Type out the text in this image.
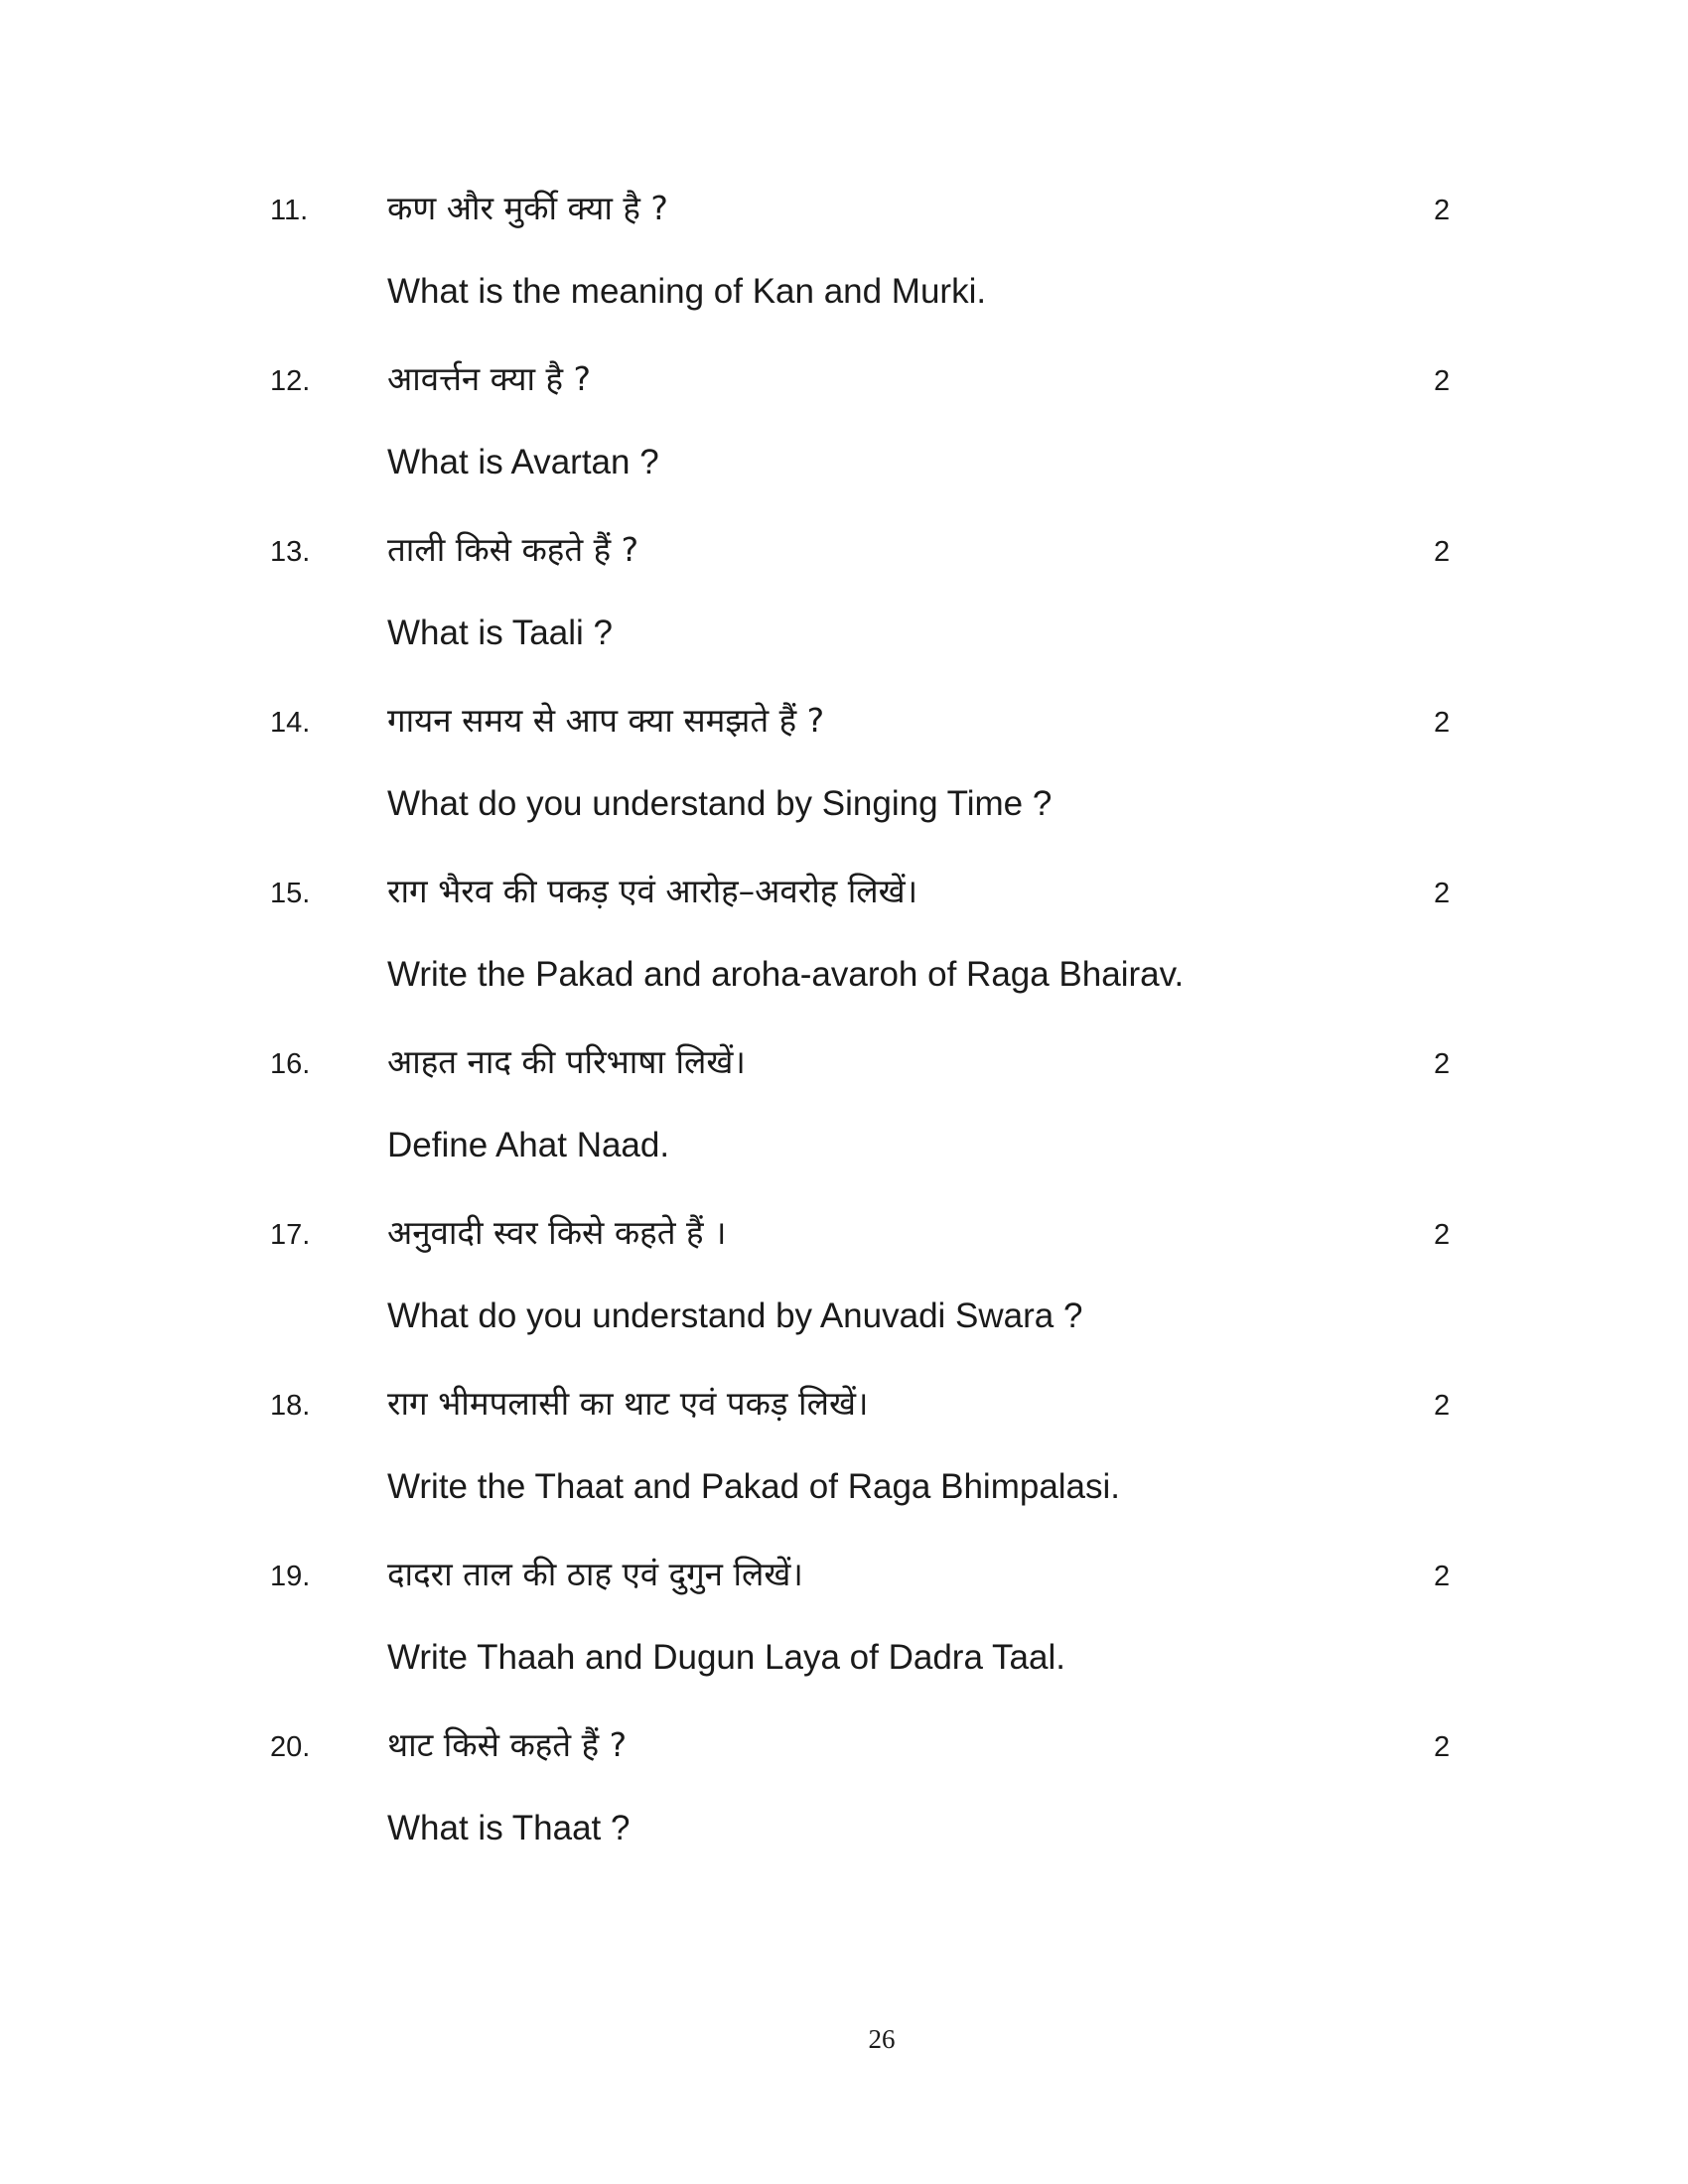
11. कण और मुर्की क्या है ?	2
What is the meaning of Kan and Murki.
12. आवर्त्तन क्या है ?	2
What is Avartan ?
13. ताली किसे कहते हैं ?	2
What is Taali ?
14. गायन समय से आप क्या समझते हैं ?	2
What do you understand by Singing Time ?
15. राग भैरव की पकड़ एवं आरोह–अवरोह लिखें।	2
Write the Pakad and aroha-avaroh of Raga Bhairav.
16. आहत नाद की परिभाषा लिखें।	2
Define Ahat Naad.
17. अनुवादी स्वर किसे कहते हैं ।	2
What do you understand by Anuvadi Swara ?
18. राग भीमपलासी का थाट एवं पकड़ लिखें।	2
Write the Thaat and Pakad of Raga Bhimpalasi.
19. दादरा ताल की ठाह एवं दुगुन लिखें।	2
Write Thaah and Dugun Laya of Dadra Taal.
20. थाट किसे कहते हैं ?	2
What is Thaat ?
26
